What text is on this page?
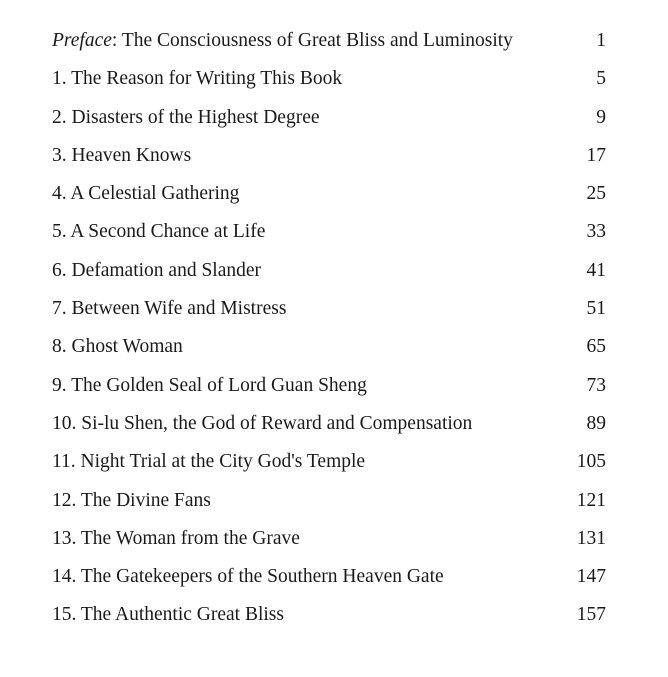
Preface: The Consciousness of Great Bliss and Luminosity	1
1. The Reason for Writing This Book	5
2. Disasters of the Highest Degree	9
3. Heaven Knows	17
4. A Celestial Gathering	25
5. A Second Chance at Life	33
6. Defamation and Slander	41
7. Between Wife and Mistress	51
8. Ghost Woman	65
9. The Golden Seal of Lord Guan Sheng	73
10. Si-lu Shen, the God of Reward and Compensation	89
11. Night Trial at the City God's Temple	105
12. The Divine Fans	121
13. The Woman from the Grave	131
14. The Gatekeepers of the Southern Heaven Gate	147
15. The Authentic Great Bliss	157
